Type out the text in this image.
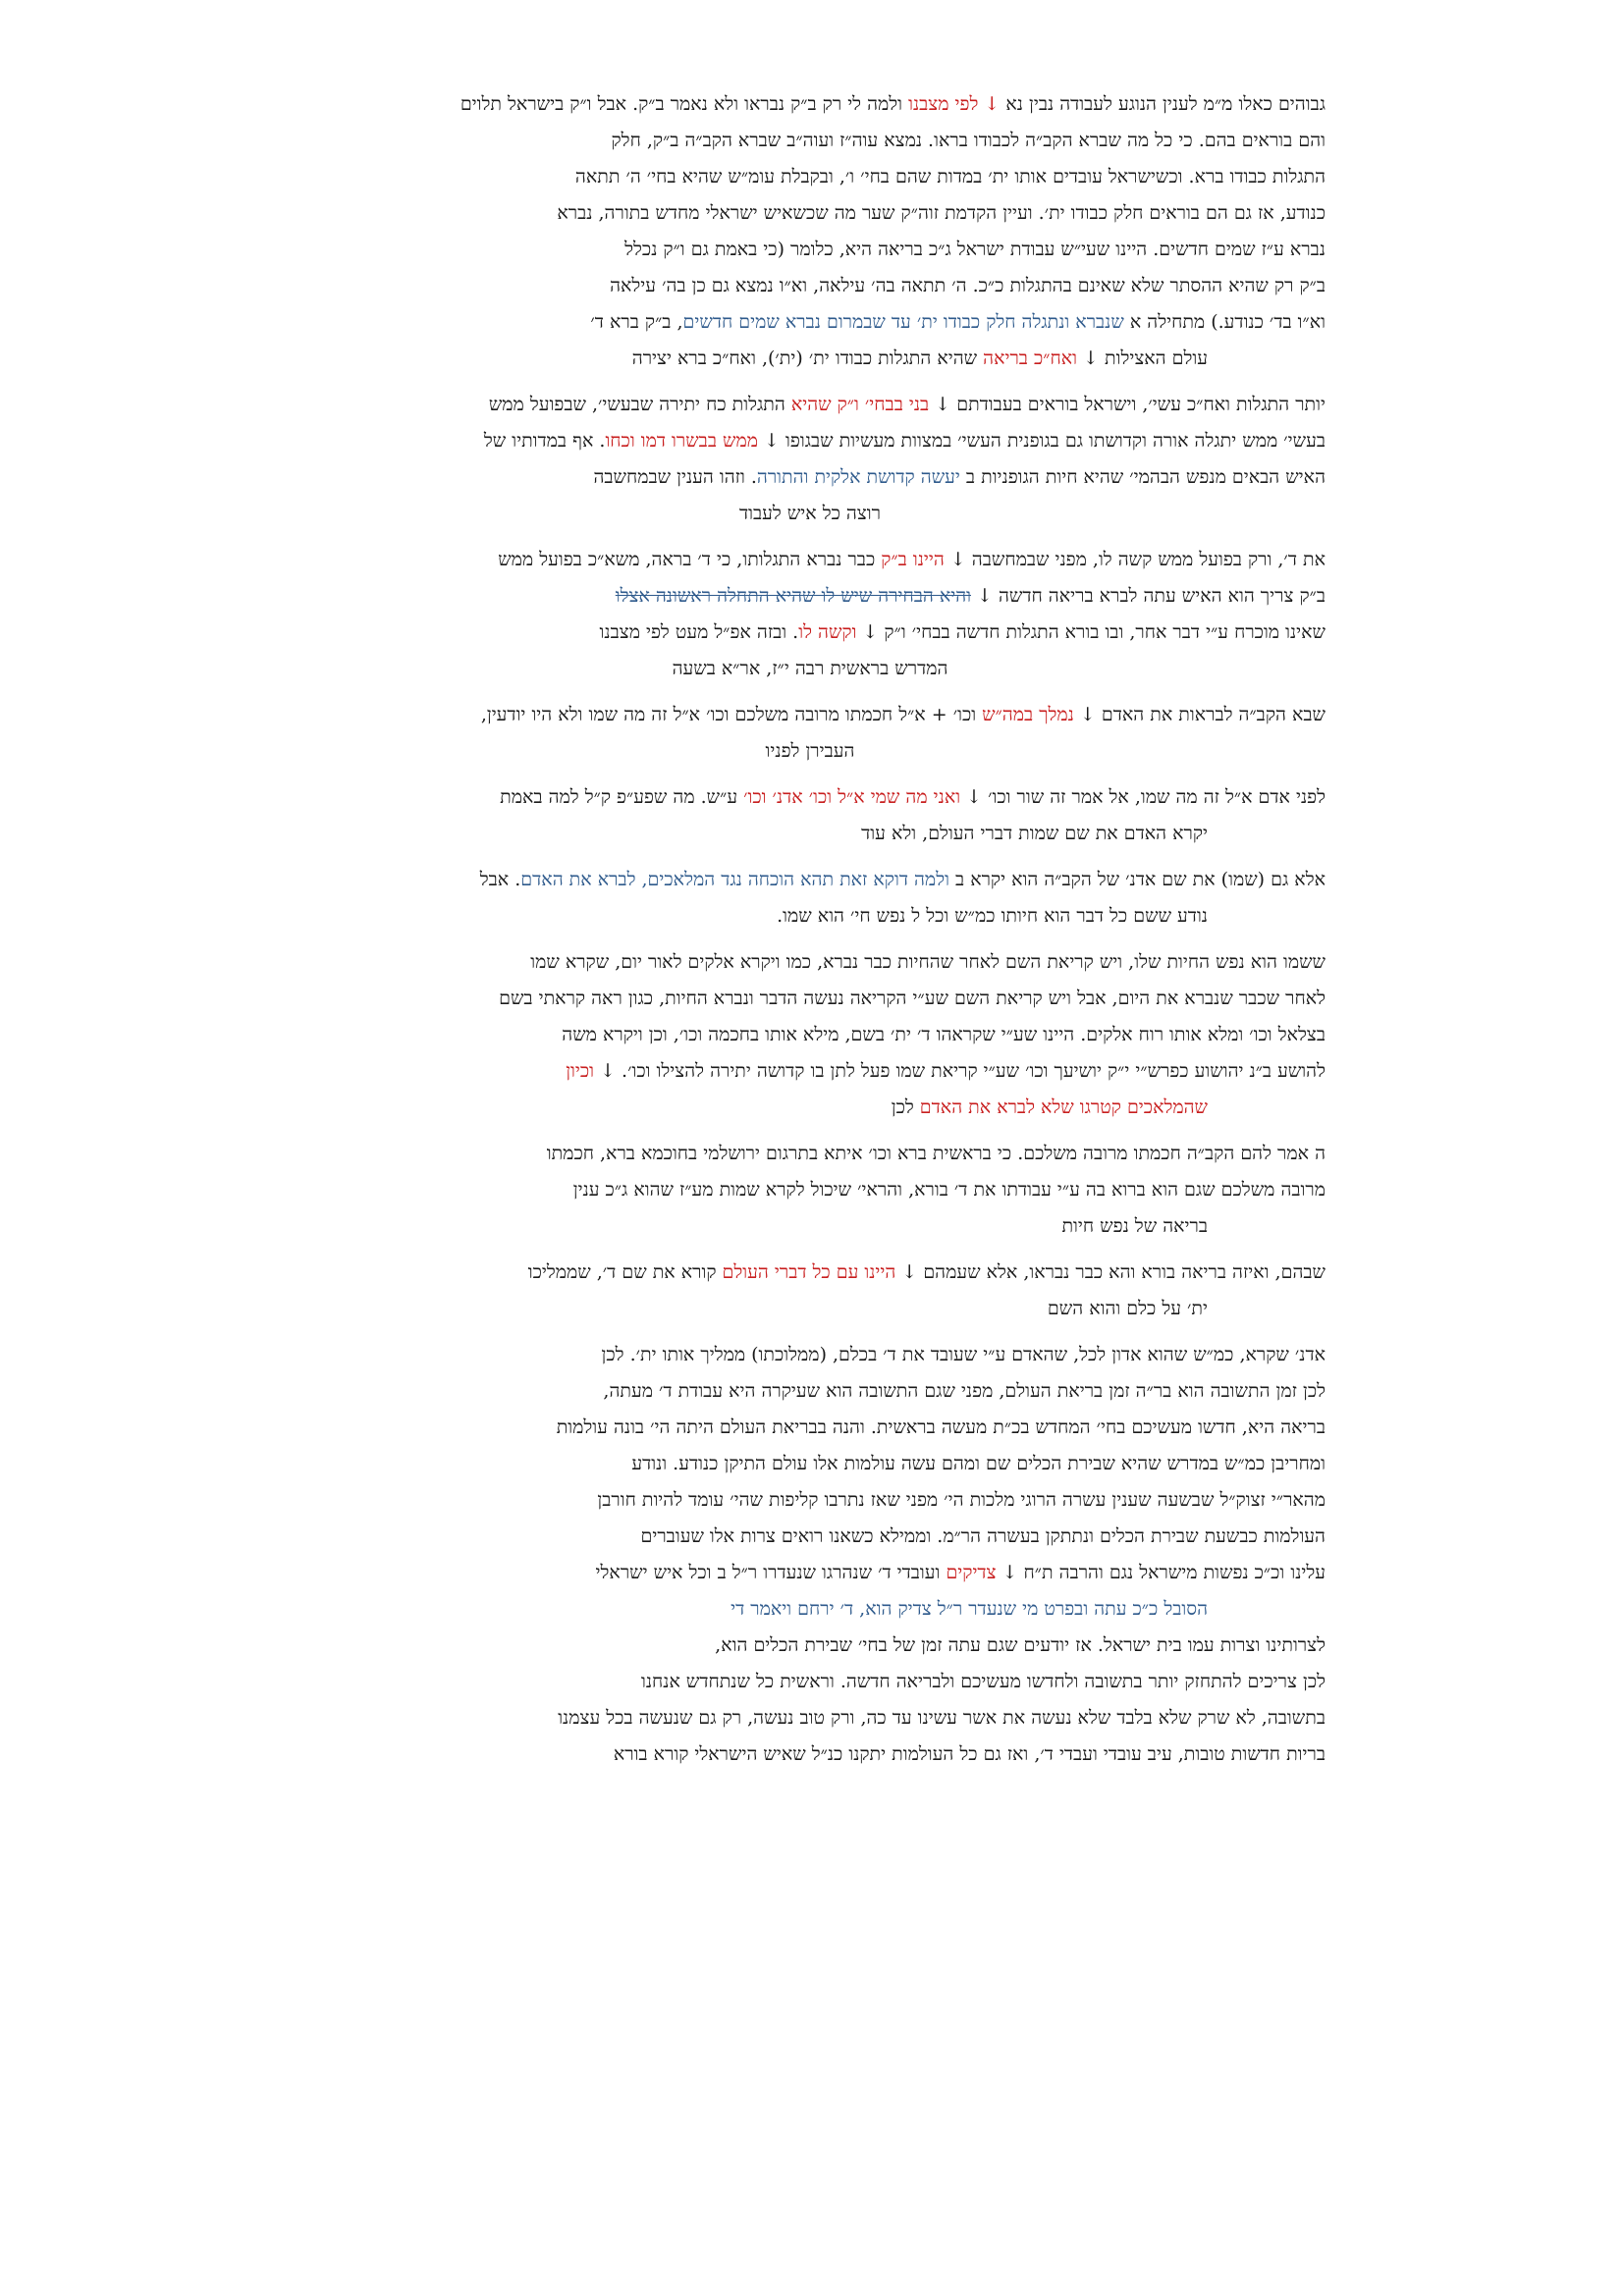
גבוהים כאלו מ״מ לענין הנוגע לעבודה נבין נא ↓ לפי מצבנו ולמה לי רק ב״ק נבראו ולא נאמר ב״ק. אבל ו״ק בישראל תלוים
והם בוראים בהם. כי כל מה שברא הקב״ה לכבודו בראו. נמצא עוה״ז ועוה״ב שברא הקב״ה ב״ק, חלק
התגלות כבודו ברא. וכשישראל עובדים אותו ית׳ במדות שהם בחי׳ ו׳, ובקבלת עומ״ש שהיא בחי׳ ה׳ תתאה
כנודע, אז גם הם בוראים חלק כבודו ית׳. ועיין הקדמת זוה״ק שער מה שכשאיש ישראלי מחדש בתורה, נברא
נברא ע״ז שמים חדשים. היינו שעי״ש עבודת ישראל ג״כ בריאה היא, כלומר (כי באמת גם ו״ק נכלל
ב״ק רק שהיא ההסתר שלא שאינם בהתגלות כ״כ. ה׳ תתאה בה׳ עילאה, וא״ו נמצא גם כן בה׳ עילאה
וא״ו בד׳ כנודע.) מתחילה א שנברא ונתגלה חלק כבודו ית׳ עד שבמרום נברא שמים חדשים, ב״ק ברא ד׳
עולם האצילות ↓ ואח״כ בריאה שהיא התגלות כבודו ית׳ (ית׳), ואח״כ ברא יצירה
יותר התגלות ואח״כ עשי׳, וישראל בוראים בעבודתם ↓ בני בבחי׳ ו״ק שהיא התגלות כח יתירה שבעשי׳, שבפועל ממש
בעשי׳ ממש יתגלה אורה וקדושתו גם בגופנית העשי׳ במצוות מעשיות שבגופו ↓ ממש בבשרו דמו וכחו. אף במדותיו של
האיש הבאים מנפש הבהמי׳ שהיא חיות הגופניות ב יעשה קדושת אלקית והתורה. וזהו הענין שבמחשבה
רוצה כל איש לעבוד
את ד׳, ורק בפועל ממש קשה לו, מפני שבמחשבה ↓ היינו ב״ק כבר נברא התגלותו, כי ד׳ בראה, משא״כ בפועל ממש
ב״ק צריך הוא האיש עתה לברא בריאה חדשה ↓ והיא הבחירה שיש לו שהיא התחלה ראשונה אצלו
שאינו מוכרח ע״י דבר אחר, ובו בורא התגלות חדשה בבחי׳ ו״ק ↓ וקשה לו. ובזה אפ״ל מעט לפי מצבנו
המדרש בראשית רבה י״ז, אר״א בשעה
שבא הקב״ה לבראות את האדם ↓ נמלך במה״ש וכו׳ + א״ל חכמתו מרובה משלכם וכו׳ א״ל זה מה שמו ולא היו יודעין,
העבירן לפניו
לפני אדם א״ל זה מה שמו, אל אמר זה שור וכו׳ ↓ ואני מה שמי א״ל וכו׳ אדנ׳ וכו׳ ע״ש. מה שפע״פ ק״ל למה באמת
יקרא האדם את שם שמות דברי העולם, ולא עוד
אלא גם (שמו) את שם אדנ׳ של הקב״ה הוא יקרא ב ולמה דוקא זאת תהא הוכחה נגד המלאכים, לברא את האדם. אבל
נודע ששם כל דבר הוא חיותו כמ״ש וכל ל נפש חי׳ הוא שמו.
ששמו הוא נפש החיות שלו, ויש קריאת השם לאחר שהחיות כבר נברא, כמו ויקרא אלקים לאור יום, שקרא שמו
לאחר שכבר שנברא את היום, אבל ויש קריאת השם שע״י הקריאה נעשה הדבר ונברא החיות, כגון ראה קראתי בשם
בצלאל וכו׳ ומלא אותו רוח אלקים. היינו שע״י שקראהו ד׳ ית׳ בשם, מילא אותו בחכמה וכו׳, וכן ויקרא משה
להושע ב״נ יהושוע כפרש״י י״ק יושיעך וכו׳ שע״י קריאת שמו פעל לתן בו קדושה יתירה להצילו וכו׳. ↓ וכיון
שהמלאכים קטרגו שלא לברא את האדם לכן
ה אמר להם הקב״ה חכמתו מרובה משלכם. כי בראשית ברא וכו׳ איתא בתרגום ירושלמי בחוכמא ברא, חכמתו
מרובה משלכם שגם הוא ברוא בה ע״י עבודתו את ד׳ בורא, והראי׳ שיכול לקרא שמות מע״ז שהוא ג״כ ענין
בריאה של נפש חיות
שבהם, ואיזה בריאה בורא והא כבר נבראו, אלא שעמהם ↓ היינו עם כל דברי העולם קורא את שם ד׳, שממליכו
ית׳ על כלם והוא השם
אדנ׳ שקרא, כמ״ש שהוא אדון לכל, שהאדם ע״י שעובד את ד׳ בכלם, (ממלוכתו) ממליך אותו ית׳. לכן
לכן זמן התשובה הוא בר״ה זמן בריאת העולם, מפני שגם התשובה הוא שעיקרה היא עבודת ד׳ מעתה,
בריאה היא, חדשו מעשיכם בחי׳ המחדש בכ״ת מעשה בראשית. והנה בבריאת העולם היתה הי׳ בונה עולמות
ומחריבן כמ״ש במדרש שהיא שבירת הכלים שם ומהם עשה עולמות אלו עולם התיקן כנודע. ונודע
מהאר״י זצוק״ל שבשעה שענין עשרה הרוגי מלכות הי׳ מפני שאז נתרבו קליפות שהי׳ עומד להיות חורבן
העולמות כבשעת שבירת הכלים ונתתקן בעשרה הר״מ. וממילא כשאנו רואים צרות אלו שעוברים
עלינו וכ״כ נפשות מישראל נגם והרבה ת״ח ↓ צדיקים ועובדי ד׳ שנהרגו שנעדרו ר״ל ב וכל איש ישראלי
הסובל כ״כ עתה ובפרט מי שנעדר ר״ל צדיק הוא, ד׳ ירחם ויאמר די
לצרותינו וצרות עמו בית ישראל. אז יודעים שגם עתה זמן של בחי׳ שבירת הכלים הוא,
לכן צריכים להתחזק יותר בתשובה ולחדשו מעשיכם ולבריאה חדשה. וראשית כל שנתחדש אנחנו
בתשובה, לא שרק שלא בלבד שלא נעשה את אשר עשינו עד כה, ורק טוב נעשה, רק גם שנעשה בכל עצמנו
בריות חדשות טובות, עיב עובדי ועבדי ד׳, ואז גם כל העולמות יתקנו כנ״ל שאיש הישראלי קורא בורא
